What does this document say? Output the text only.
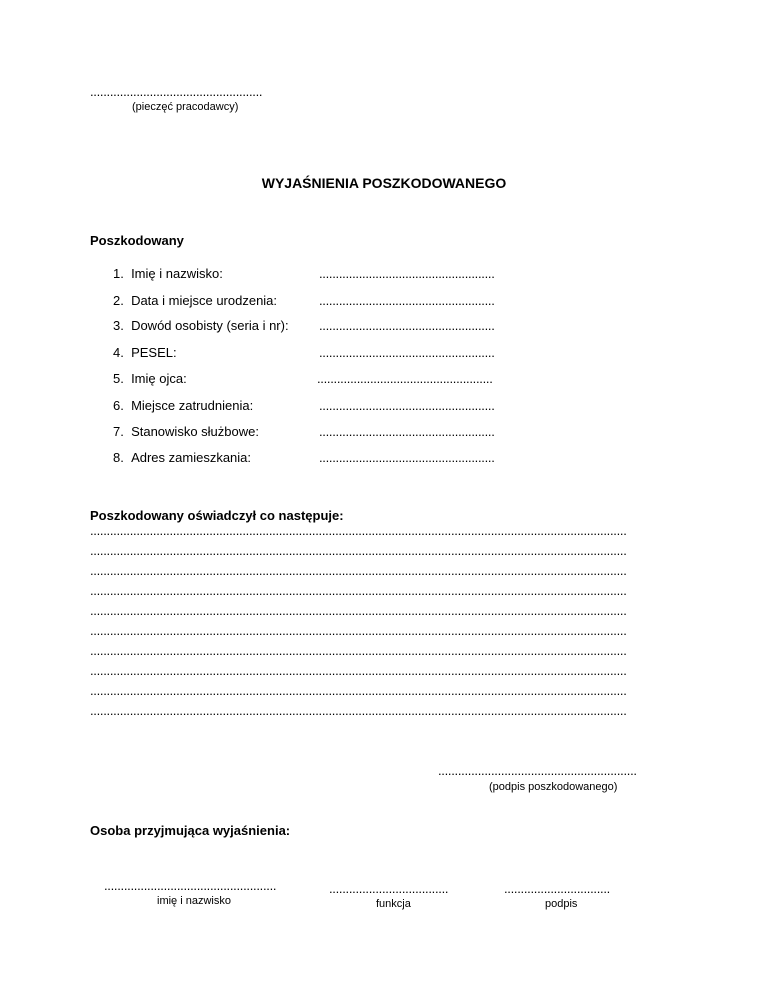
....................................................
(pieczęć pracodawcy)
WYJAŚNIENIA POSZKODOWANEGO
Poszkodowany
1.  Imię i nazwisko:	.....................................................
2.  Data i miejsce urodzenia:	.....................................................
3.  Dowód osobisty (seria i nr): .....................................................
4.  PESEL:	.....................................................
5.  Imię ojca:	.....................................................
6.  Miejsce zatrudnienia:	.....................................................
7.  Stanowisko służbowe:	.....................................................
8.  Adres zamieszkania:	.....................................................
Poszkodowany oświadczył co następuje:
..................................................................................................................................................................
..................................................................................................................................................................
..................................................................................................................................................................
..................................................................................................................................................................
..................................................................................................................................................................
..................................................................................................................................................................
..................................................................................................................................................................
..................................................................................................................................................................
..................................................................................................................................................................
..................................................................................................................................................................
............................................................
(podpis poszkodowanego)
Osoba przyjmująca wyjaśnienia:
....................................................
imię i nazwisko
....................................
funkcja
................................
podpis
